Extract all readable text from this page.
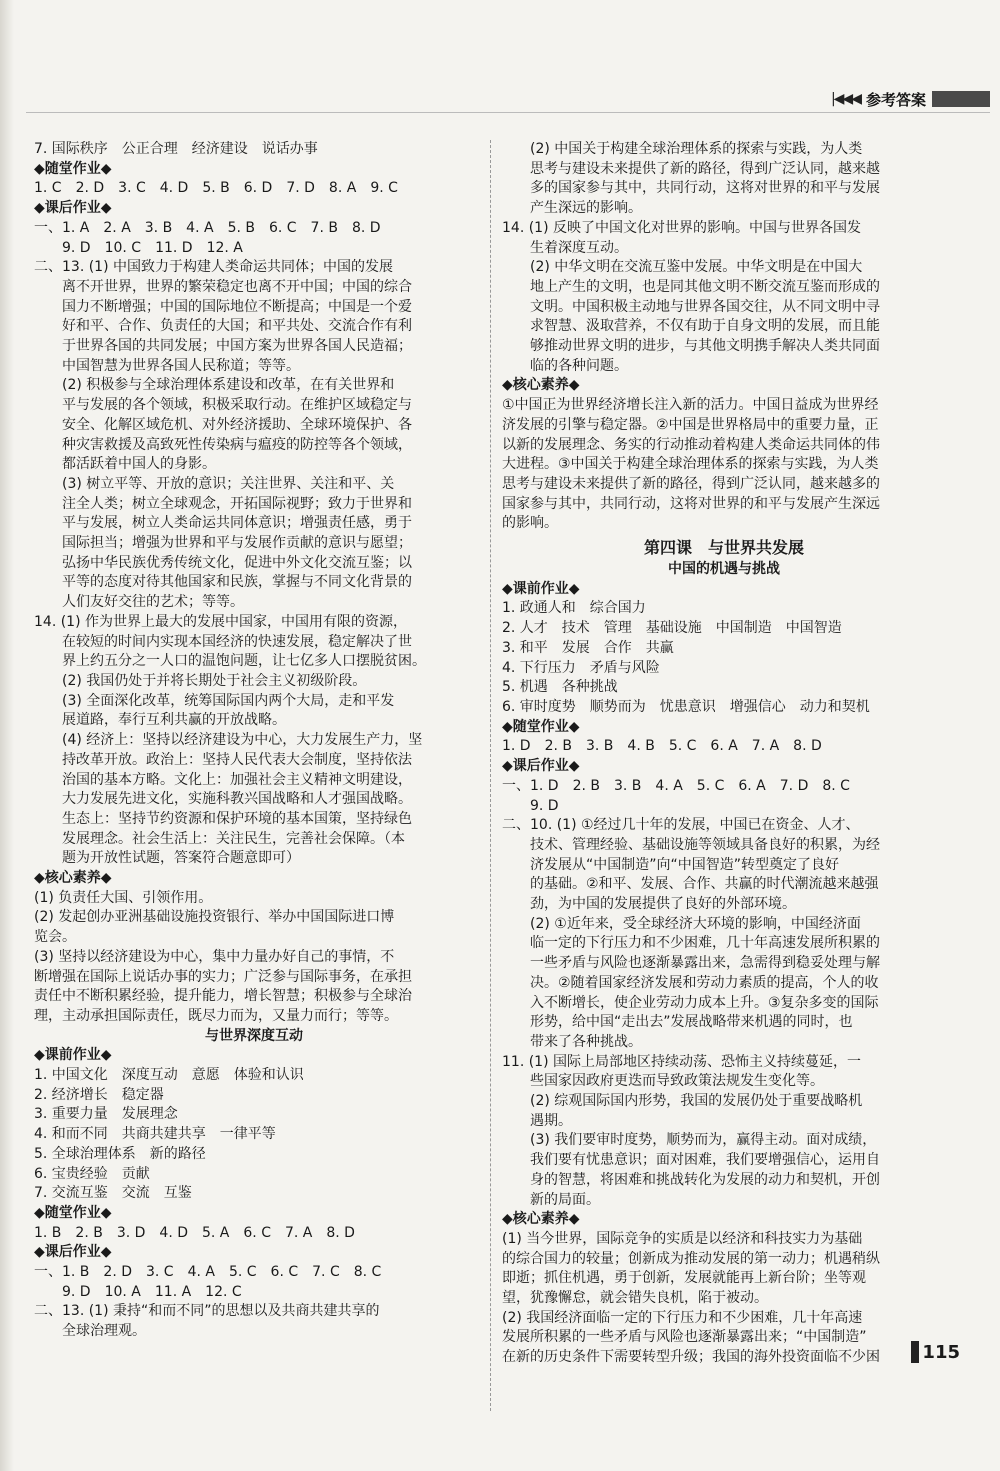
|◀◀◀ 参考答案
7. 国际秩序　公正合理　经济建设　说话办事
◆随堂作业◆
1. C　2. D　3. C　4. D　5. B　6. D　7. D　8. A　9. C
◆课后作业◆
一、1. A　2. A　3. B　4. A　5. B　6. C　7. B　8. D
　　9. D　10. C　11. D　12. A
二、13. (1) 中国致力于构建人类命运共同体；中国的发展
　　离不开世界，世界的繁荣稳定也离不开中国；中国的综合
　　国力不断增强；中国的国际地位不断提高；中国是一个爱
　　好和平、合作、负责任的大国；和平共处、交流合作有利
　　于世界各国的共同发展；中国方案为世界各国人民造福；
　　中国智慧为世界各国人民称道；等等。
　　(2) 积极参与全球治理体系建设和改革，在有关世界和
　　平与发展的各个领域，积极采取行动。在维护区域稳定与
　　安全、化解区域危机、对外经济援助、全球环境保护、各
　　种灾害救援及高致死性传染病与瘟疫的防控等各个领域，
　　都活跃着中国人的身影。
　　(3) 树立平等、开放的意识；关注世界、关注和平、关
　　注全人类；树立全球观念，开拓国际视野；致力于世界和
　　平与发展，树立人类命运共同体意识；增强责任感，勇于
　　国际担当；增强为世界和平与发展作贡献的意识与愿望；
　　弘扬中华民族优秀传统文化，促进中外文化交流互鉴；以
　　平等的态度对待其他国家和民族，掌握与不同文化背景的
　　人们友好交往的艺术；等等。
14. (1) 作为世界上最大的发展中国家，中国用有限的资源，
　　在较短的时间内实现本国经济的快速发展，稳定解决了世
　　界上约五分之一人口的温饱问题，让七亿多人口摆脱贫困。
　　(2) 我国仍处于并将长期处于社会主义初级阶段。
　　(3) 全面深化改革，统筹国际国内两个大局，走和平发
　　展道路，奉行互利共赢的开放战略。
　　(4) 经济上：坚持以经济建设为中心，大力发展生产力，坚
　　持改革开放。政治上：坚持人民代表大会制度，坚持依法
　　治国的基本方略。文化上：加强社会主义精神文明建设，
　　大力发展先进文化，实施科教兴国战略和人才强国战略。
　　生态上：坚持节约资源和保护环境的基本国策，坚持绿色
　　发展理念。社会生活上：关注民生，完善社会保障。（本
　　题为开放性试题，答案符合题意即可）
◆核心素养◆
(1) 负责任大国、引领作用。
(2) 发起创办亚洲基础设施投资银行、举办中国国际进口博
览会。
(3) 坚持以经济建设为中心，集中力量办好自己的事情，不
断增强在国际上说话办事的实力；广泛参与国际事务，在承担
责任中不断积累经验，提升能力，增长智慧；积极参与全球治
理，主动承担国际责任，既尽力而为，又量力而行；等等。
与世界深度互动
◆课前作业◆
1. 中国文化　深度互动　意愿　体验和认识
2. 经济增长　稳定器
3. 重要力量　发展理念
4. 和而不同　共商共建共享　一律平等
5. 全球治理体系　新的路径
6. 宝贵经验　贡献
7. 交流互鉴　交流　互鉴
◆随堂作业◆
1. B　2. B　3. D　4. D　5. A　6. C　7. A　8. D
◆课后作业◆
一、1. B　2. D　3. C　4. A　5. C　6. C　7. C　8. C
　　9. D　10. A　11. A　12. C
二、13. (1) 秉持“和而不同”的思想以及共商共建共享的
　　全球治理观。
　　(2) 中国关于构建全球治理体系的探索与实践，为人类
　　思考与建设未来提供了新的路径，得到广泛认同，越来越
　　多的国家参与其中，共同行动，这将对世界的和平与发展
　　产生深远的影响。
14. (1) 反映了中国文化对世界的影响。中国与世界各国发
　　生着深度互动。
　　(2) 中华文明在交流互鉴中发展。中华文明是在中国大
　　地上产生的文明，也是同其他文明不断交流互鉴而形成的
　　文明。中国积极主动地与世界各国交往，从不同文明中寻
　　求智慧、汲取营养，不仅有助于自身文明的发展，而且能
　　够推动世界文明的进步，与其他文明携手解决人类共同面
　　临的各种问题。
◆核心素养◆
①中国正为世界经济增长注入新的活力。中国日益成为世界经
济发展的引擎与稳定器。②中国是世界格局中的重要力量，正
以新的发展理念、务实的行动推动着构建人类命运共同体的伟
大进程。③中国关于构建全球治理体系的探索与实践，为人类
思考与建设未来提供了新的路径，得到广泛认同，越来越多的
国家参与其中，共同行动，这将对世界的和平与发展产生深远
的影响。
第四课　与世界共发展
中国的机遇与挑战
◆课前作业◆
1. 政通人和　综合国力
2. 人才　技术　管理　基础设施　中国制造　中国智造
3. 和平　发展　合作　共赢
4. 下行压力　矛盾与风险
5. 机遇　各种挑战
6. 审时度势　顺势而为　忧患意识　增强信心　动力和契机
◆随堂作业◆
1. D　2. B　3. B　4. B　5. C　6. A　7. A　8. D
◆课后作业◆
一、1. D　2. B　3. B　4. A　5. C　6. A　7. D　8. C
　　9. D
二、10. (1) ①经过几十年的发展，中国已在资金、人才、
　　技术、管理经验、基础设施等领域具备良好的积累，为经
　　济发展从“中国制造”向“中国智造”转型奠定了良好
　　的基础。②和平、发展、合作、共赢的时代潮流越来越强
　　劲，为中国的发展提供了良好的外部环境。
　　(2) ①近年来，受全球经济大环境的影响，中国经济面
　　临一定的下行压力和不少困难，几十年高速发展所积累的
　　一些矛盾与风险也逐渐暴露出来，急需得到稳妥处理与解
　　决。②随着国家经济发展和劳动力素质的提高，个人的收
　　入不断增长，使企业劳动力成本上升。③复杂多变的国际
　　形势，给中国“走出去”发展战略带来机遇的同时，也
　　带来了各种挑战。
11. (1) 国际上局部地区持续动荡、恐怖主义持续蔓延，一
　　些国家因政府更迭而导致政策法规发生变化等。
　　(2) 综观国际国内形势，我国的发展仍处于重要战略机
　　遇期。
　　(3) 我们要审时度势，顺势而为，赢得主动。面对成绩，
　　我们要有忧患意识；面对困难，我们要增强信心，运用自
　　身的智慧，将困难和挑战转化为发展的动力和契机，开创
　　新的局面。
◆核心素养◆
(1) 当今世界，国际竞争的实质是以经济和科技实力为基础
的综合国力的较量；创新成为推动发展的第一动力；机遇稍纵
即逝；抓住机遇，勇于创新，发展就能再上新台阶；坐等观
望，犹豫懈怠，就会错失良机，陷于被动。
(2) 我国经济面临一定的下行压力和不少困难，几十年高速
发展所积累的一些矛盾与风险也逐渐暴露出来；“中国制造”
在新的历史条件下需要转型升级；我国的海外投资面临不少困	115
